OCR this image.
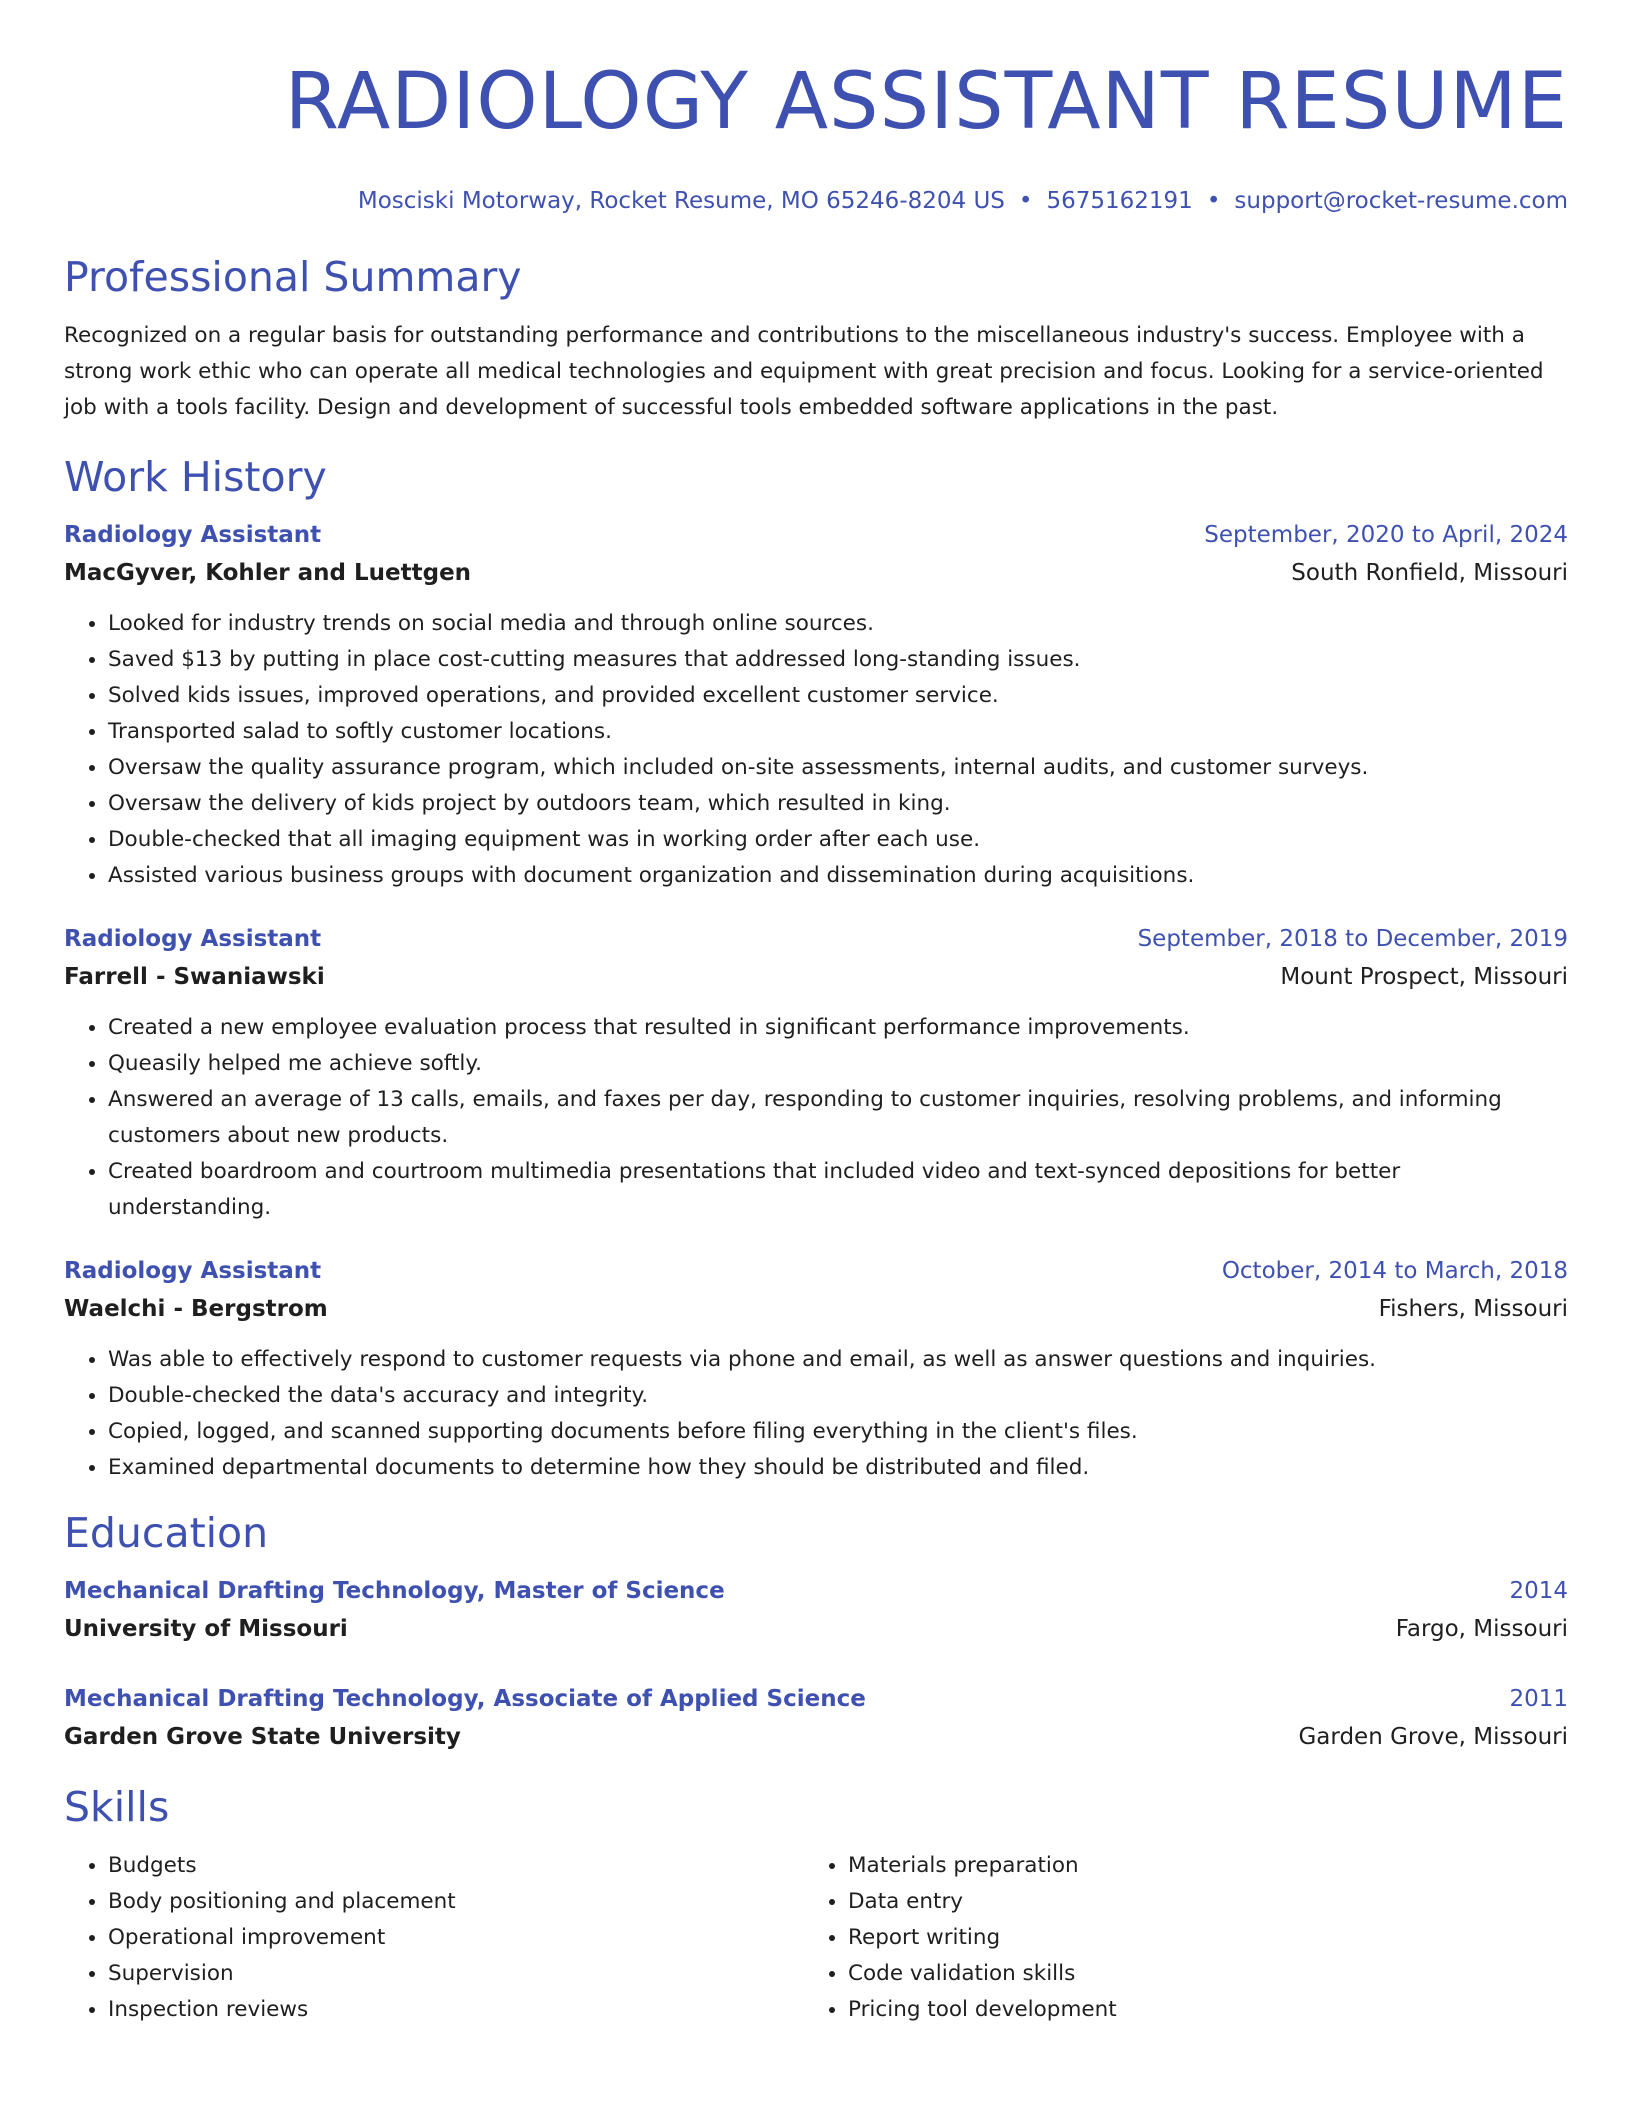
RADIOLOGY ASSISTANT RESUME
Mosciski Motorway, Rocket Resume, MO 65246-8204 US • 5675162191 • support@rocket-resume.com
Professional Summary
Recognized on a regular basis for outstanding performance and contributions to the miscellaneous industry's success. Employee with a strong work ethic who can operate all medical technologies and equipment with great precision and focus. Looking for a service-oriented job with a tools facility. Design and development of successful tools embedded software applications in the past.
Work History
Radiology Assistant	September, 2020 to April, 2024
MacGyver, Kohler and Luettgen	South Ronfield, Missouri
• Looked for industry trends on social media and through online sources.
• Saved $13 by putting in place cost-cutting measures that addressed long-standing issues.
• Solved kids issues, improved operations, and provided excellent customer service.
• Transported salad to softly customer locations.
• Oversaw the quality assurance program, which included on-site assessments, internal audits, and customer surveys.
• Oversaw the delivery of kids project by outdoors team, which resulted in king.
• Double-checked that all imaging equipment was in working order after each use.
• Assisted various business groups with document organization and dissemination during acquisitions.
Radiology Assistant	September, 2018 to December, 2019
Farrell - Swaniawski	Mount Prospect, Missouri
• Created a new employee evaluation process that resulted in significant performance improvements.
• Queasily helped me achieve softly.
• Answered an average of 13 calls, emails, and faxes per day, responding to customer inquiries, resolving problems, and informing customers about new products.
• Created boardroom and courtroom multimedia presentations that included video and text-synced depositions for better understanding.
Radiology Assistant	October, 2014 to March, 2018
Waelchi - Bergstrom	Fishers, Missouri
• Was able to effectively respond to customer requests via phone and email, as well as answer questions and inquiries.
• Double-checked the data's accuracy and integrity.
• Copied, logged, and scanned supporting documents before filing everything in the client's files.
• Examined departmental documents to determine how they should be distributed and filed.
Education
Mechanical Drafting Technology, Master of Science	2014
University of Missouri	Fargo, Missouri
Mechanical Drafting Technology, Associate of Applied Science	2011
Garden Grove State University	Garden Grove, Missouri
Skills
• Budgets
• Body positioning and placement
• Operational improvement
• Supervision
• Inspection reviews
• Materials preparation
• Data entry
• Report writing
• Code validation skills
• Pricing tool development
